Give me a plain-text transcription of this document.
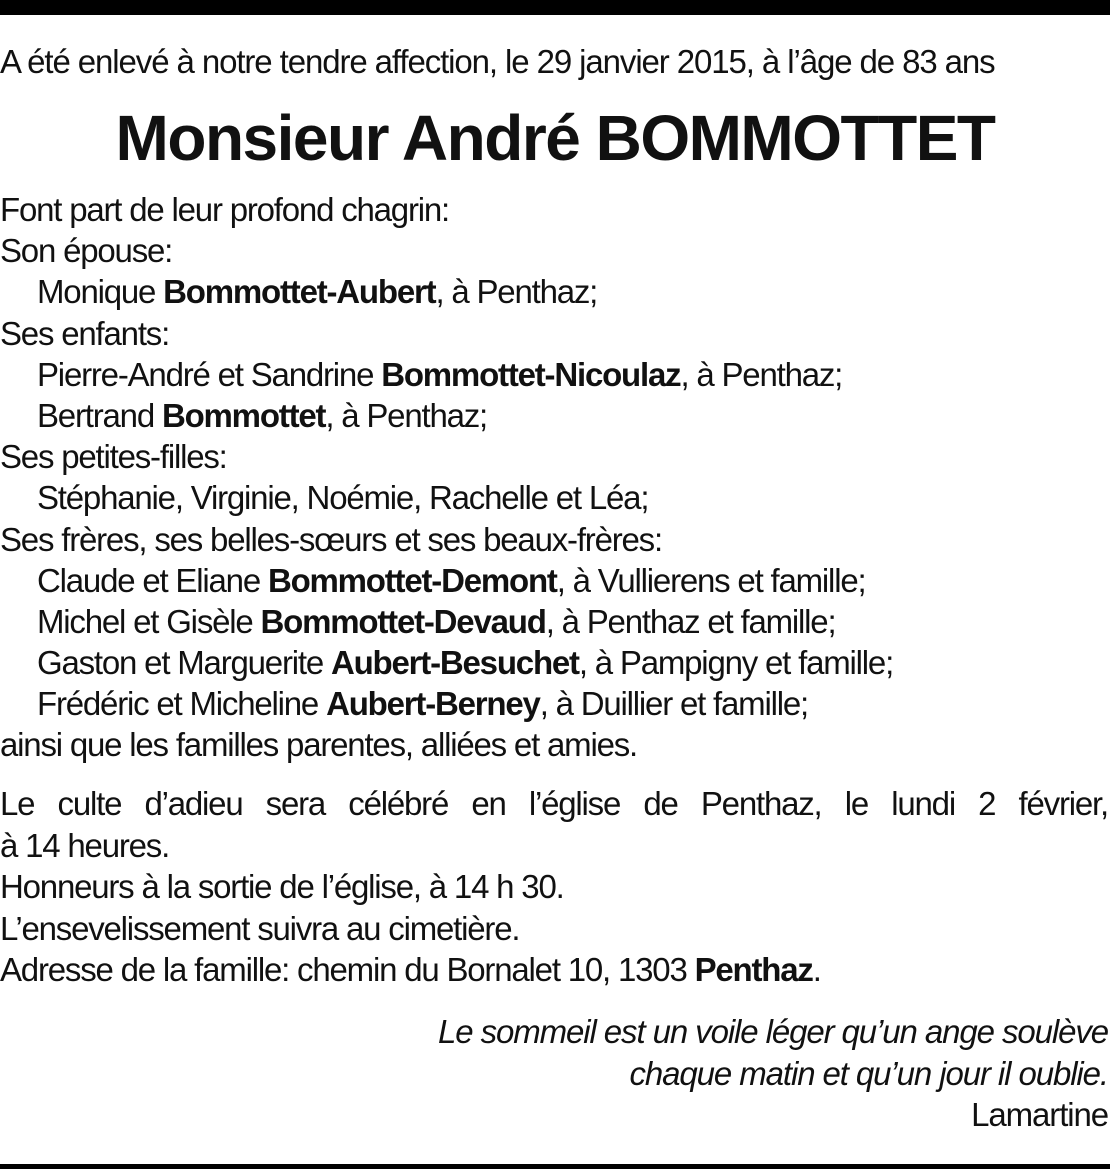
A été enlevé à notre tendre affection, le 29 janvier 2015, à l’âge de 83 ans
Monsieur André BOMMOTTET
Font part de leur profond chagrin:
Son épouse:
Monique Bommottet-Aubert, à Penthaz;
Ses enfants:
Pierre-André et Sandrine Bommottet-Nicoulaz, à Penthaz;
Bertrand Bommottet, à Penthaz;
Ses petites-filles:
Stéphanie, Virginie, Noémie, Rachelle et Léa;
Ses frères, ses belles-sœurs et ses beaux-frères:
Claude et Eliane Bommottet-Demont, à Vullierens et famille;
Michel et Gisèle Bommottet-Devaud, à Penthaz et famille;
Gaston et Marguerite Aubert-Besuchet, à Pampigny et famille;
Frédéric et Micheline Aubert-Berney, à Duillier et famille;
ainsi que les familles parentes, alliées et amies.
Le culte d’adieu sera célébré en l’église de Penthaz, le lundi 2 février,
à 14 heures.
Honneurs à la sortie de l’église, à 14 h 30.
L’ensevelissement suivra au cimetière.
Adresse de la famille: chemin du Bornalet 10, 1303 Penthaz.
Le sommeil est un voile léger qu’un ange soulève
chaque matin et qu’un jour il oublie.
Lamartine
